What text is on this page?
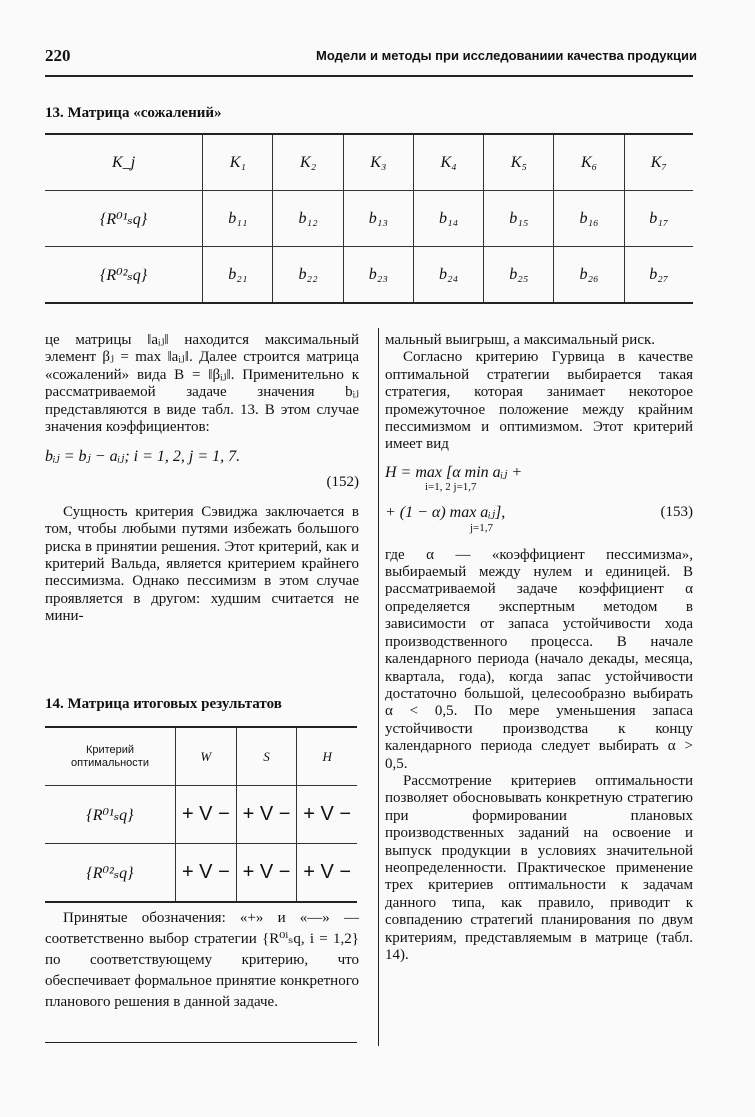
220	Модели и методы при исследованиии качества продукции
13. Матрица «сожалений»
K_j	K₁	K₂	K₃	K₄	K₅	K₆	K₇
{R⁰¹ₛq}	b₁₁	b₁₂	b₁₃	b₁₄	b₁₅	b₁₆	b₁₇
{R⁰²ₛq}	b₂₁	b₂₂	b₂₃	b₂₄	b₂₅	b₂₆	b₂₇

це матрицы ‖aᵢⱼ‖ находится максимальный элемент βⱼ = max ‖aᵢⱼ‖. Далее строится матрица «сожалений» вида B = ‖βᵢⱼ‖. Применительно к рассматриваемой задаче значения bᵢⱼ представляются в виде табл. 13. В этом случае значения коэффициентов:

bᵢⱼ = bⱼ − aᵢⱼ; i = 1, 2, j = 1, 7.
(152)

Сущность критерия Сэвиджа заключается в том, чтобы любыми путями избежать большого риска в принятии решения. Этот критерий, как и критерий Вальда, является критерием крайнего пессимизма. Однако пессимизм в этом случае проявляется в другом: худшим считается не мини-

14. Матрица итоговых результатов
Критерий оптимальности	W	S	H
{R⁰¹ₛq}	+ V −	+ V −	+ V −
{R⁰²ₛq}	+ V −	+ V −	+ V −

Принятые обозначения: «+» и «—» — соответственно выбор стратегии {R⁰ⁱₛq, i = 1,2} по соответствующему критерию, что обеспечивает формальное принятие конкретного планового решения в данной задаче.

мальный выигрыш, а максимальный риск.

Согласно критерию Гурвица в качестве оптимальной стратегии выбирается такая стратегия, которая занимает некоторое промежуточное положение между крайним пессимизмом и оптимизмом. Этот критерий имеет вид

H = max [α min aᵢⱼ +
i=1, 2 j=1,7
+ (1 − α) max aᵢⱼ],	(153)
j=1,7

где α — «коэффициент пессимизма», выбираемый между нулем и единицей. В рассматриваемой задаче коэффициент α определяется экспертным методом в зависимости от запаса устойчивости хода производственного процесса. В начале календарного периода (начало декады, месяца, квартала, года), когда запас устойчивости достаточно большой, целесообразно выбирать α < 0,5. По мере уменьшения запаса устойчивости производства к концу календарного периода следует выбирать α > 0,5.

Рассмотрение критериев оптимальности позволяет обосновывать конкретную стратегию при формировании плановых производственных заданий на освоение и выпуск продукции в условиях значительной неопределенности. Практическое применение трех критериев оптимальности к задачам данного типа, как правило, приводит к совпадению стратегий планирования по двум критериям, представляемым в матрице (табл. 14).
